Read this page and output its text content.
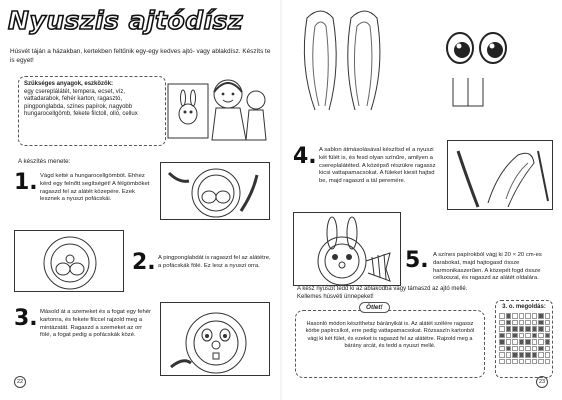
Nyuszis ajtódísz
Húsvét táján a házakban, kertekben feltűnik egy-egy kedves ajtó- vagy ablakdísz. Készíts te is egyet!
Szükséges anyagok, eszközök:
egy csereplálátét, tempera, ecset, víz, vattadarabok, fehér karton, ragasztó, pingponglabda, színes papírok, nagyobb hungarocellgömb, fekete filctoll, olló, cellux
A készítés menete:
1. Vágd ketté a hungarocellgömböt. Ehhez kérd egy felnőtt segítségét! A félgömböket ragaszd fel az alátét közepére. Ezek lesznek a nyuszi pofácskái.
2. A pingponglabdát is ragaszd fel az alátétre, a pofácskák fölé. Ez lesz a nyuszi orra.
3. Másold át a szemeket és a fogat egy fehér kartonra, és fekete filccel rajzold meg a mintázatát. Ragaszd a szemeket az orr fölé, a fogat pedig a pofácskák közé.
22
4. A sablon átmásolásával készítsd el a nyuszi két fülét is, és fesd olyan színűre, amilyen a csereplalátéted. A középső részükre ragassz kicsi vattapamacsokat. A füleket kiesit hajtsd be, majd ragaszd a tál peremére.
5. A színes papírokból vágj ki 20 × 20 cm-es darabokat, majd hajtogasd össze harmonikaszerűen. A közepét fogd össze celluxszal, és ragaszd az alátét oldalára.
A kész nyuszit tedd ki az ablakodba vagy támaszd az ajtó mellé. Kellemes húsvéti ünnepeket!
Hasonló módon készíthetsz bárányikát is. Az alátét szélére ragassz körbe papírcsíkot, erre pedig vattapamacsokat. Rózsaszín kartonból vágj ki két fület, és ezeket is ragaszd fel az alátétre. Rajzold meg a bárány arcát, és tedd a nyuszi mellé.
Ötlet!	3. o. megoldás:
23
